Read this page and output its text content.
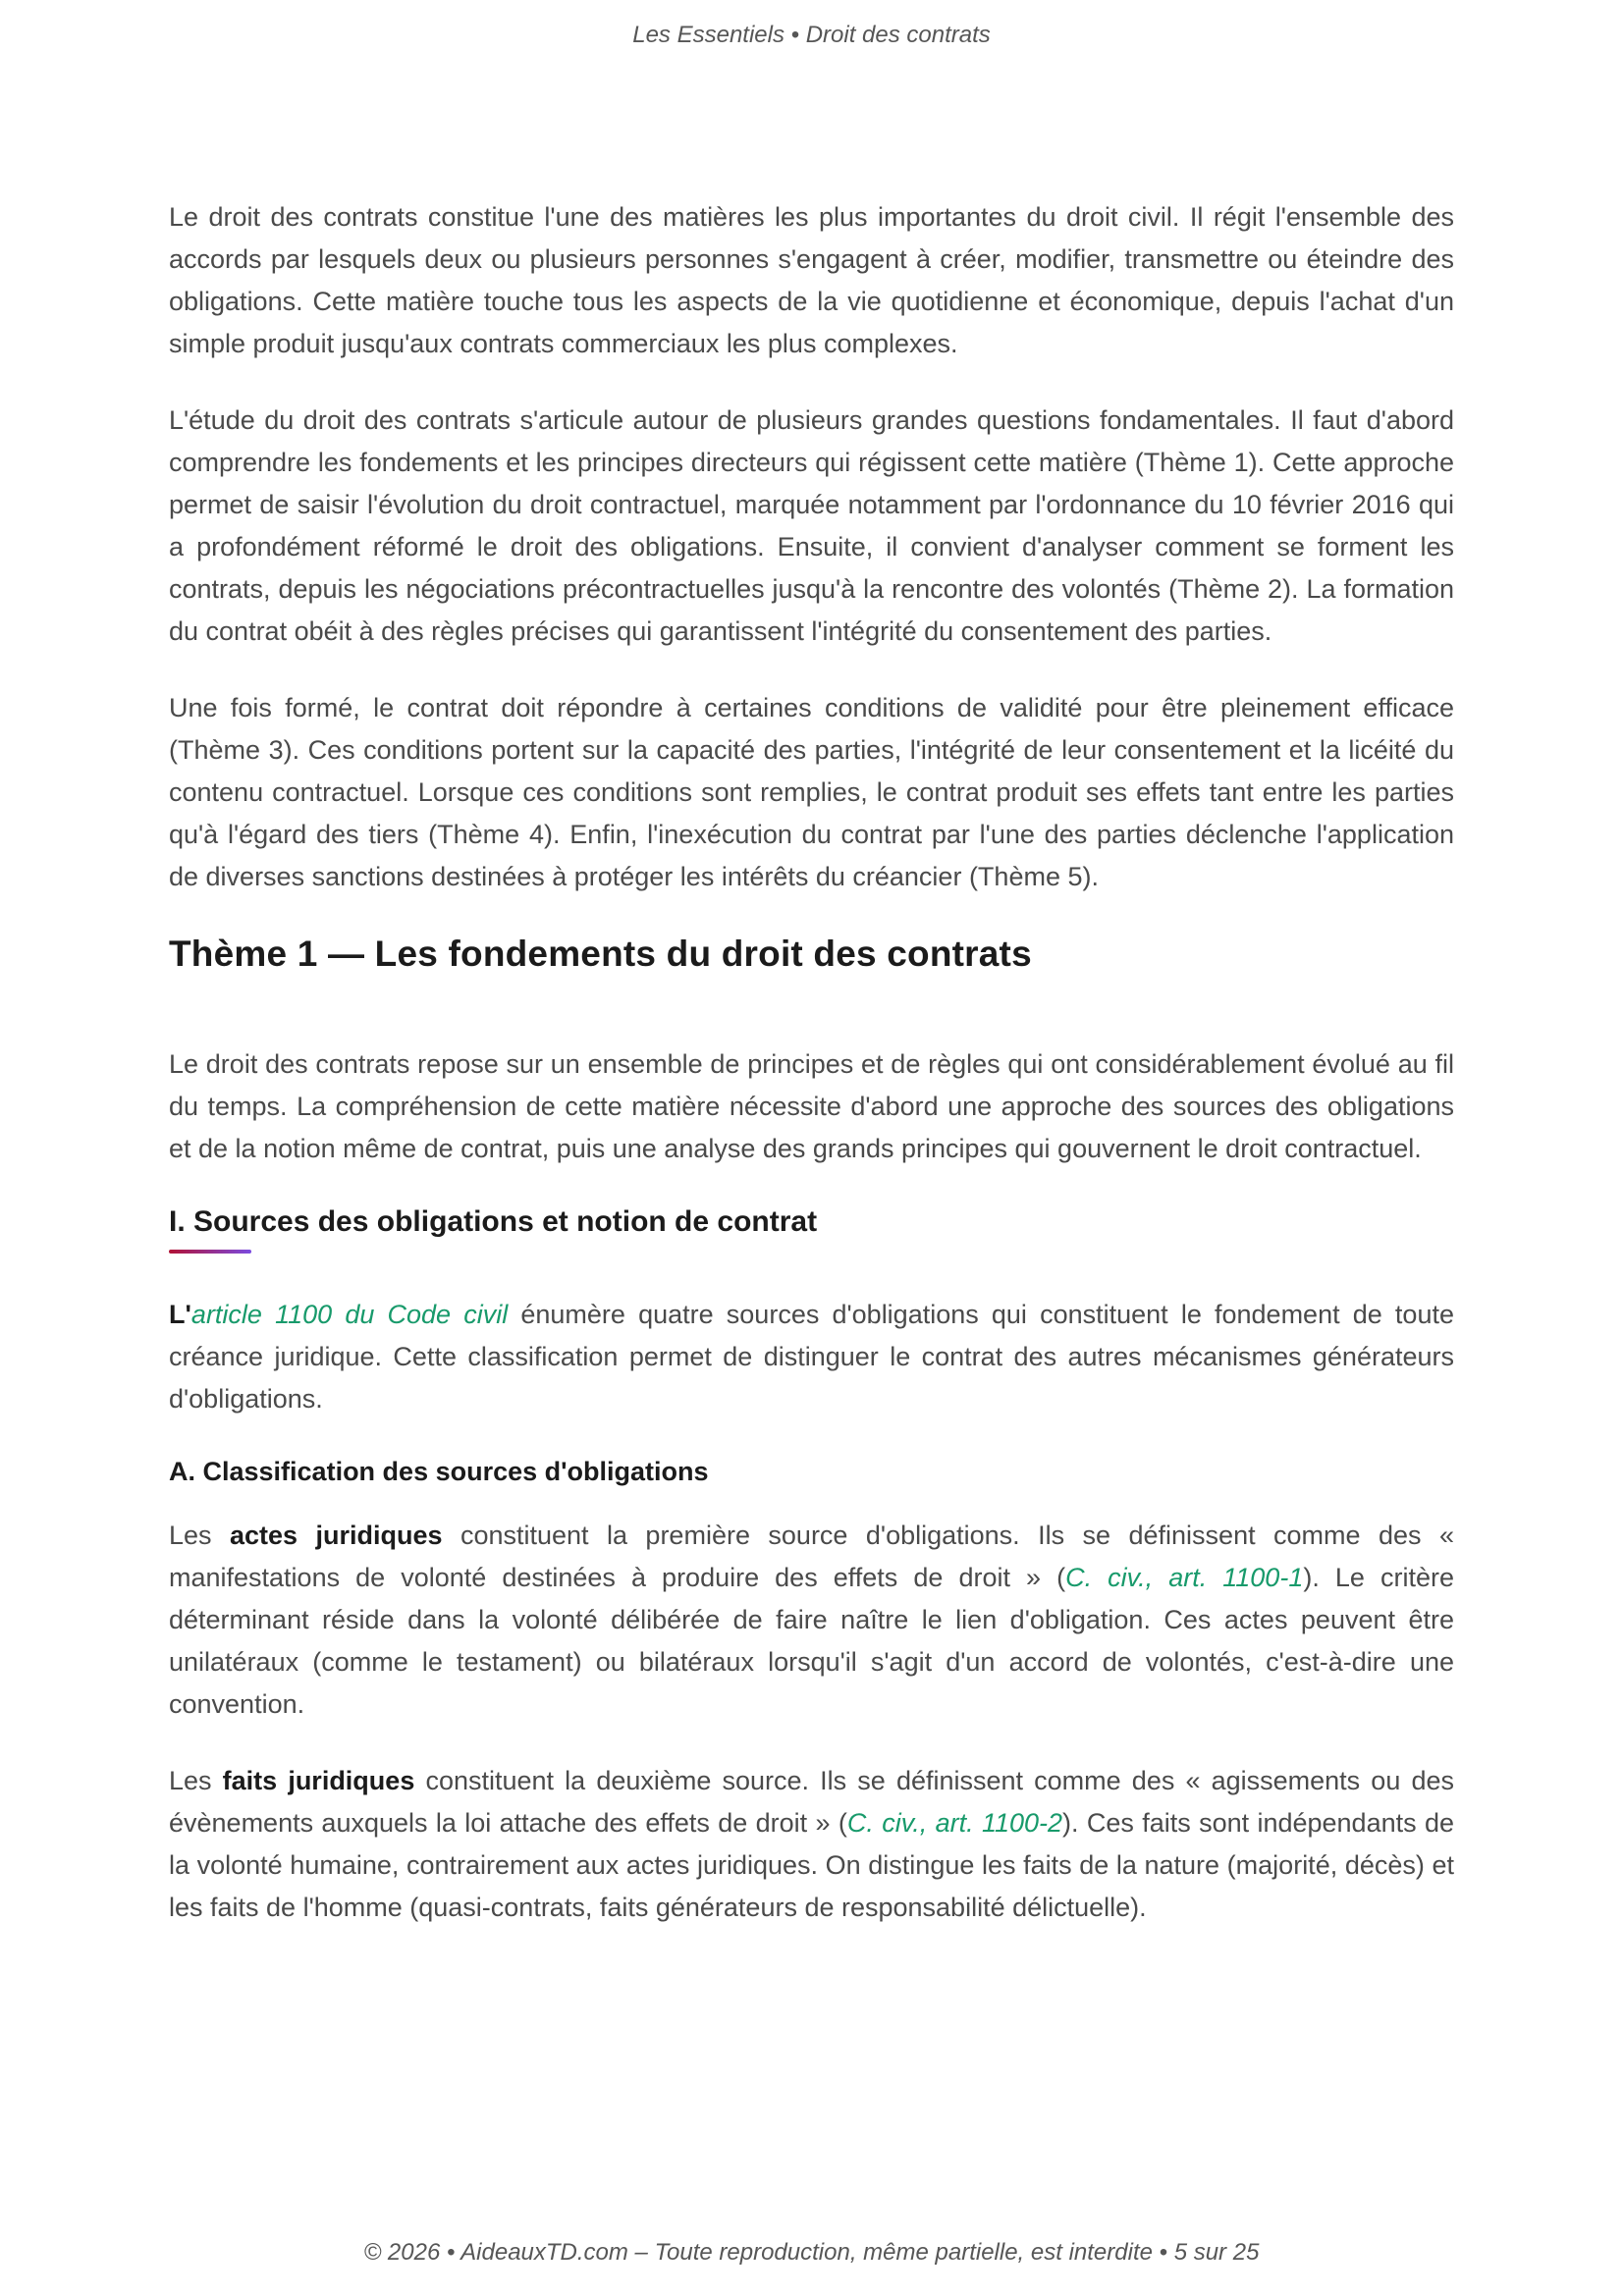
Les Essentiels • Droit des contrats

Le droit des contrats constitue l'une des matières les plus importantes du droit civil. Il régit l'ensemble des accords par lesquels deux ou plusieurs personnes s'engagent à créer, modifier, transmettre ou éteindre des obligations. Cette matière touche tous les aspects de la vie quotidienne et économique, depuis l'achat d'un simple produit jusqu'aux contrats commerciaux les plus complexes.

L'étude du droit des contrats s'articule autour de plusieurs grandes questions fondamentales. Il faut d'abord comprendre les fondements et les principes directeurs qui régissent cette matière (Thème 1). Cette approche permet de saisir l'évolution du droit contractuel, marquée notamment par l'ordonnance du 10 février 2016 qui a profondément réformé le droit des obligations. Ensuite, il convient d'analyser comment se forment les contrats, depuis les négociations précontractuelles jusqu'à la rencontre des volontés (Thème 2). La formation du contrat obéit à des règles précises qui garantissent l'intégrité du consentement des parties.

Une fois formé, le contrat doit répondre à certaines conditions de validité pour être pleinement efficace (Thème 3). Ces conditions portent sur la capacité des parties, l'intégrité de leur consentement et la licéité du contenu contractuel. Lorsque ces conditions sont remplies, le contrat produit ses effets tant entre les parties qu'à l'égard des tiers (Thème 4). Enfin, l'inexécution du contrat par l'une des parties déclenche l'application de diverses sanctions destinées à protéger les intérêts du créancier (Thème 5).

Thème 1 — Les fondements du droit des contrats

Le droit des contrats repose sur un ensemble de principes et de règles qui ont considérablement évolué au fil du temps. La compréhension de cette matière nécessite d'abord une approche des sources des obligations et de la notion même de contrat, puis une analyse des grands principes qui gouvernent le droit contractuel.

I. Sources des obligations et notion de contrat

L'article 1100 du Code civil énumère quatre sources d'obligations qui constituent le fondement de toute créance juridique. Cette classification permet de distinguer le contrat des autres mécanismes générateurs d'obligations.

A. Classification des sources d'obligations

Les actes juridiques constituent la première source d'obligations. Ils se définissent comme des « manifestations de volonté destinées à produire des effets de droit » (C. civ., art. 1100-1). Le critère déterminant réside dans la volonté délibérée de faire naître le lien d'obligation. Ces actes peuvent être unilatéraux (comme le testament) ou bilatéraux lorsqu'il s'agit d'un accord de volontés, c'est-à-dire une convention.

Les faits juridiques constituent la deuxième source. Ils se définissent comme des « agissements ou des évènements auxquels la loi attache des effets de droit » (C. civ., art. 1100-2). Ces faits sont indépendants de la volonté humaine, contrairement aux actes juridiques. On distingue les faits de la nature (majorité, décès) et les faits de l'homme (quasi-contrats, faits générateurs de responsabilité délictuelle).

© 2026 • AideauxTD.com – Toute reproduction, même partielle, est interdite • 5 sur 25
